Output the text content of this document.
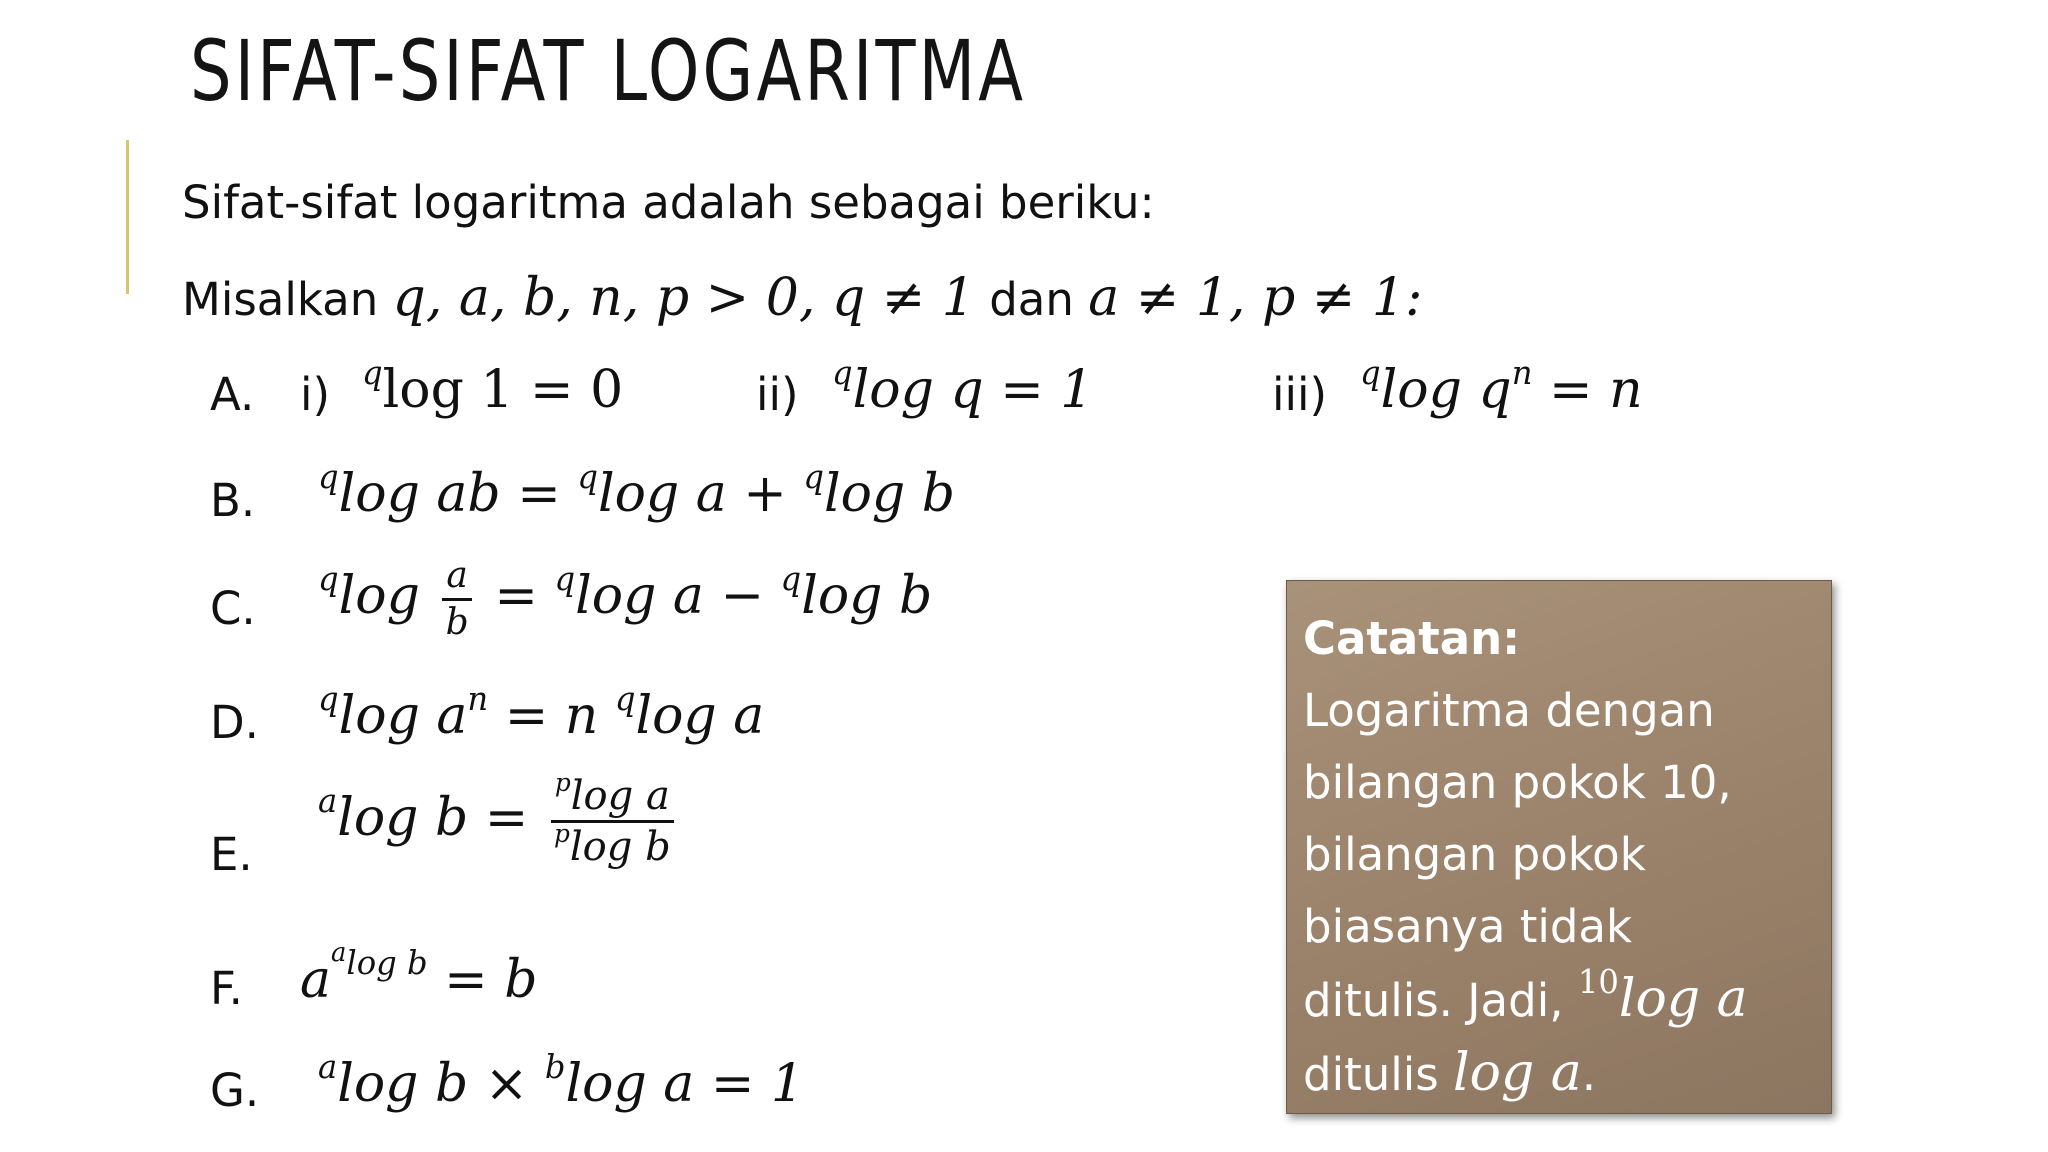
SIFAT-SIFAT LOGARITMA
Sifat-sifat logaritma adalah sebagai beriku:
Misalkan q, a, b, n, p > 0, q ≠ 1 dan a ≠ 1, p ≠ 1:
A. i) $^q$log 1 = 0	ii) $^q$log q = 1	iii) $^q$log $q^n = n$
B. $^q$log ab = $^q$log a + $^q$log b
C.
$^q\log \frac{a}{b} = ^q\log$ a − $^q$log b
D. $^q$log $a^n = n$ $^q$log a
E.
$^a$log $b = \frac{^p\log a}{^p\log b}$
F. $a^{^alog b} = b$
G. $^a$log b × $^b$log a = 1
Catatan:
Logaritma dengan
bilangan pokok 10,
bilangan pokok
biasanya tidak
ditulis. Jadi, $^{10}$log a
ditulis log a.
